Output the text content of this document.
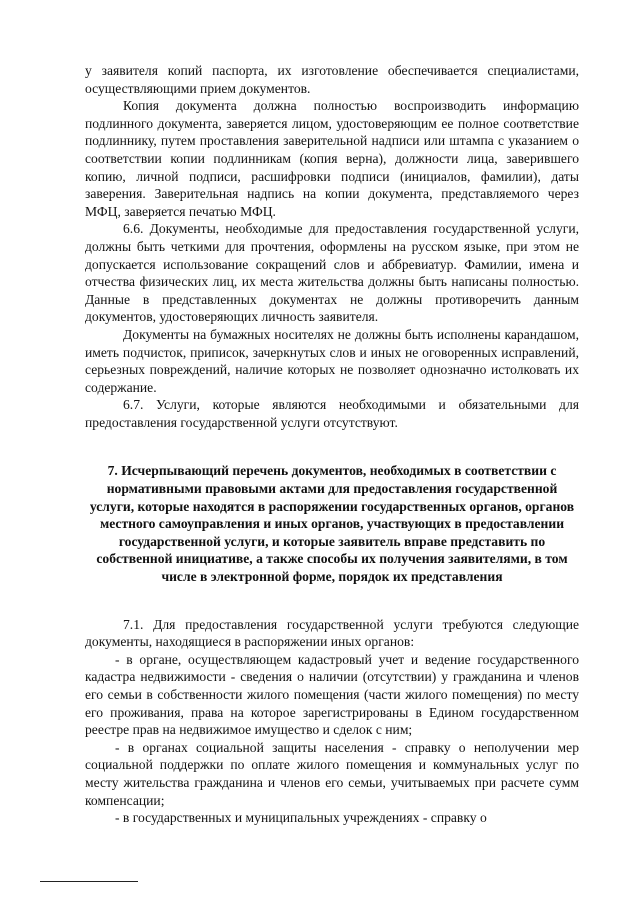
у заявителя копий паспорта, их изготовление обеспечивается специалистами, осуществляющими прием документов.

Копия документа должна полностью воспроизводить информацию подлинного документа, заверяется лицом, удостоверяющим ее полное соответствие подлиннику, путем проставления заверительной надписи или штампа с указанием о соответствии копии подлинникам (копия верна), должности лица, заверившего копию, личной подписи, расшифровки подписи (инициалов, фамилии), даты заверения. Заверительная надпись на копии документа, представляемого через МФЦ, заверяется печатью МФЦ.

6.6. Документы, необходимые для предоставления государственной услуги, должны быть четкими для прочтения, оформлены на русском языке, при этом не допускается использование сокращений слов и аббревиатур. Фамилии, имена и отчества физических лиц, их места жительства должны быть написаны полностью. Данные в представленных документах не должны противоречить данным документов, удостоверяющих личность заявителя.

Документы на бумажных носителях не должны быть исполнены карандашом, иметь подчисток, приписок, зачеркнутых слов и иных не оговоренных исправлений, серьезных повреждений, наличие которых не позволяет однозначно истолковать их содержание.

6.7. Услуги, которые являются необходимыми и обязательными для предоставления государственной услуги отсутствуют.

7. Исчерпывающий перечень документов, необходимых в соответствии с нормативными правовыми актами для предоставления государственной услуги, которые находятся в распоряжении государственных органов, органов местного самоуправления и иных органов, участвующих в предоставлении государственной услуги, и которые заявитель вправе представить по собственной инициативе, а также способы их получения заявителями, в том числе в электронной форме, порядок их представления

7.1. Для предоставления государственной услуги требуются следующие документы, находящиеся в распоряжении иных органов:

- в органе, осуществляющем кадастровый учет и ведение государственного кадастра недвижимости - сведения о наличии (отсутствии) у гражданина и членов его семьи в собственности жилого помещения (части жилого помещения) по месту его проживания, права на которое зарегистрированы в Едином государственном реестре прав на недвижимое имущество и сделок с ним;

- в органах социальной защиты населения - справку о неполучении мер социальной поддержки по оплате жилого помещения и коммунальных услуг по месту жительства гражданина и членов его семьи, учитываемых при расчете сумм компенсации;

- в государственных и муниципальных учреждениях - справку о
